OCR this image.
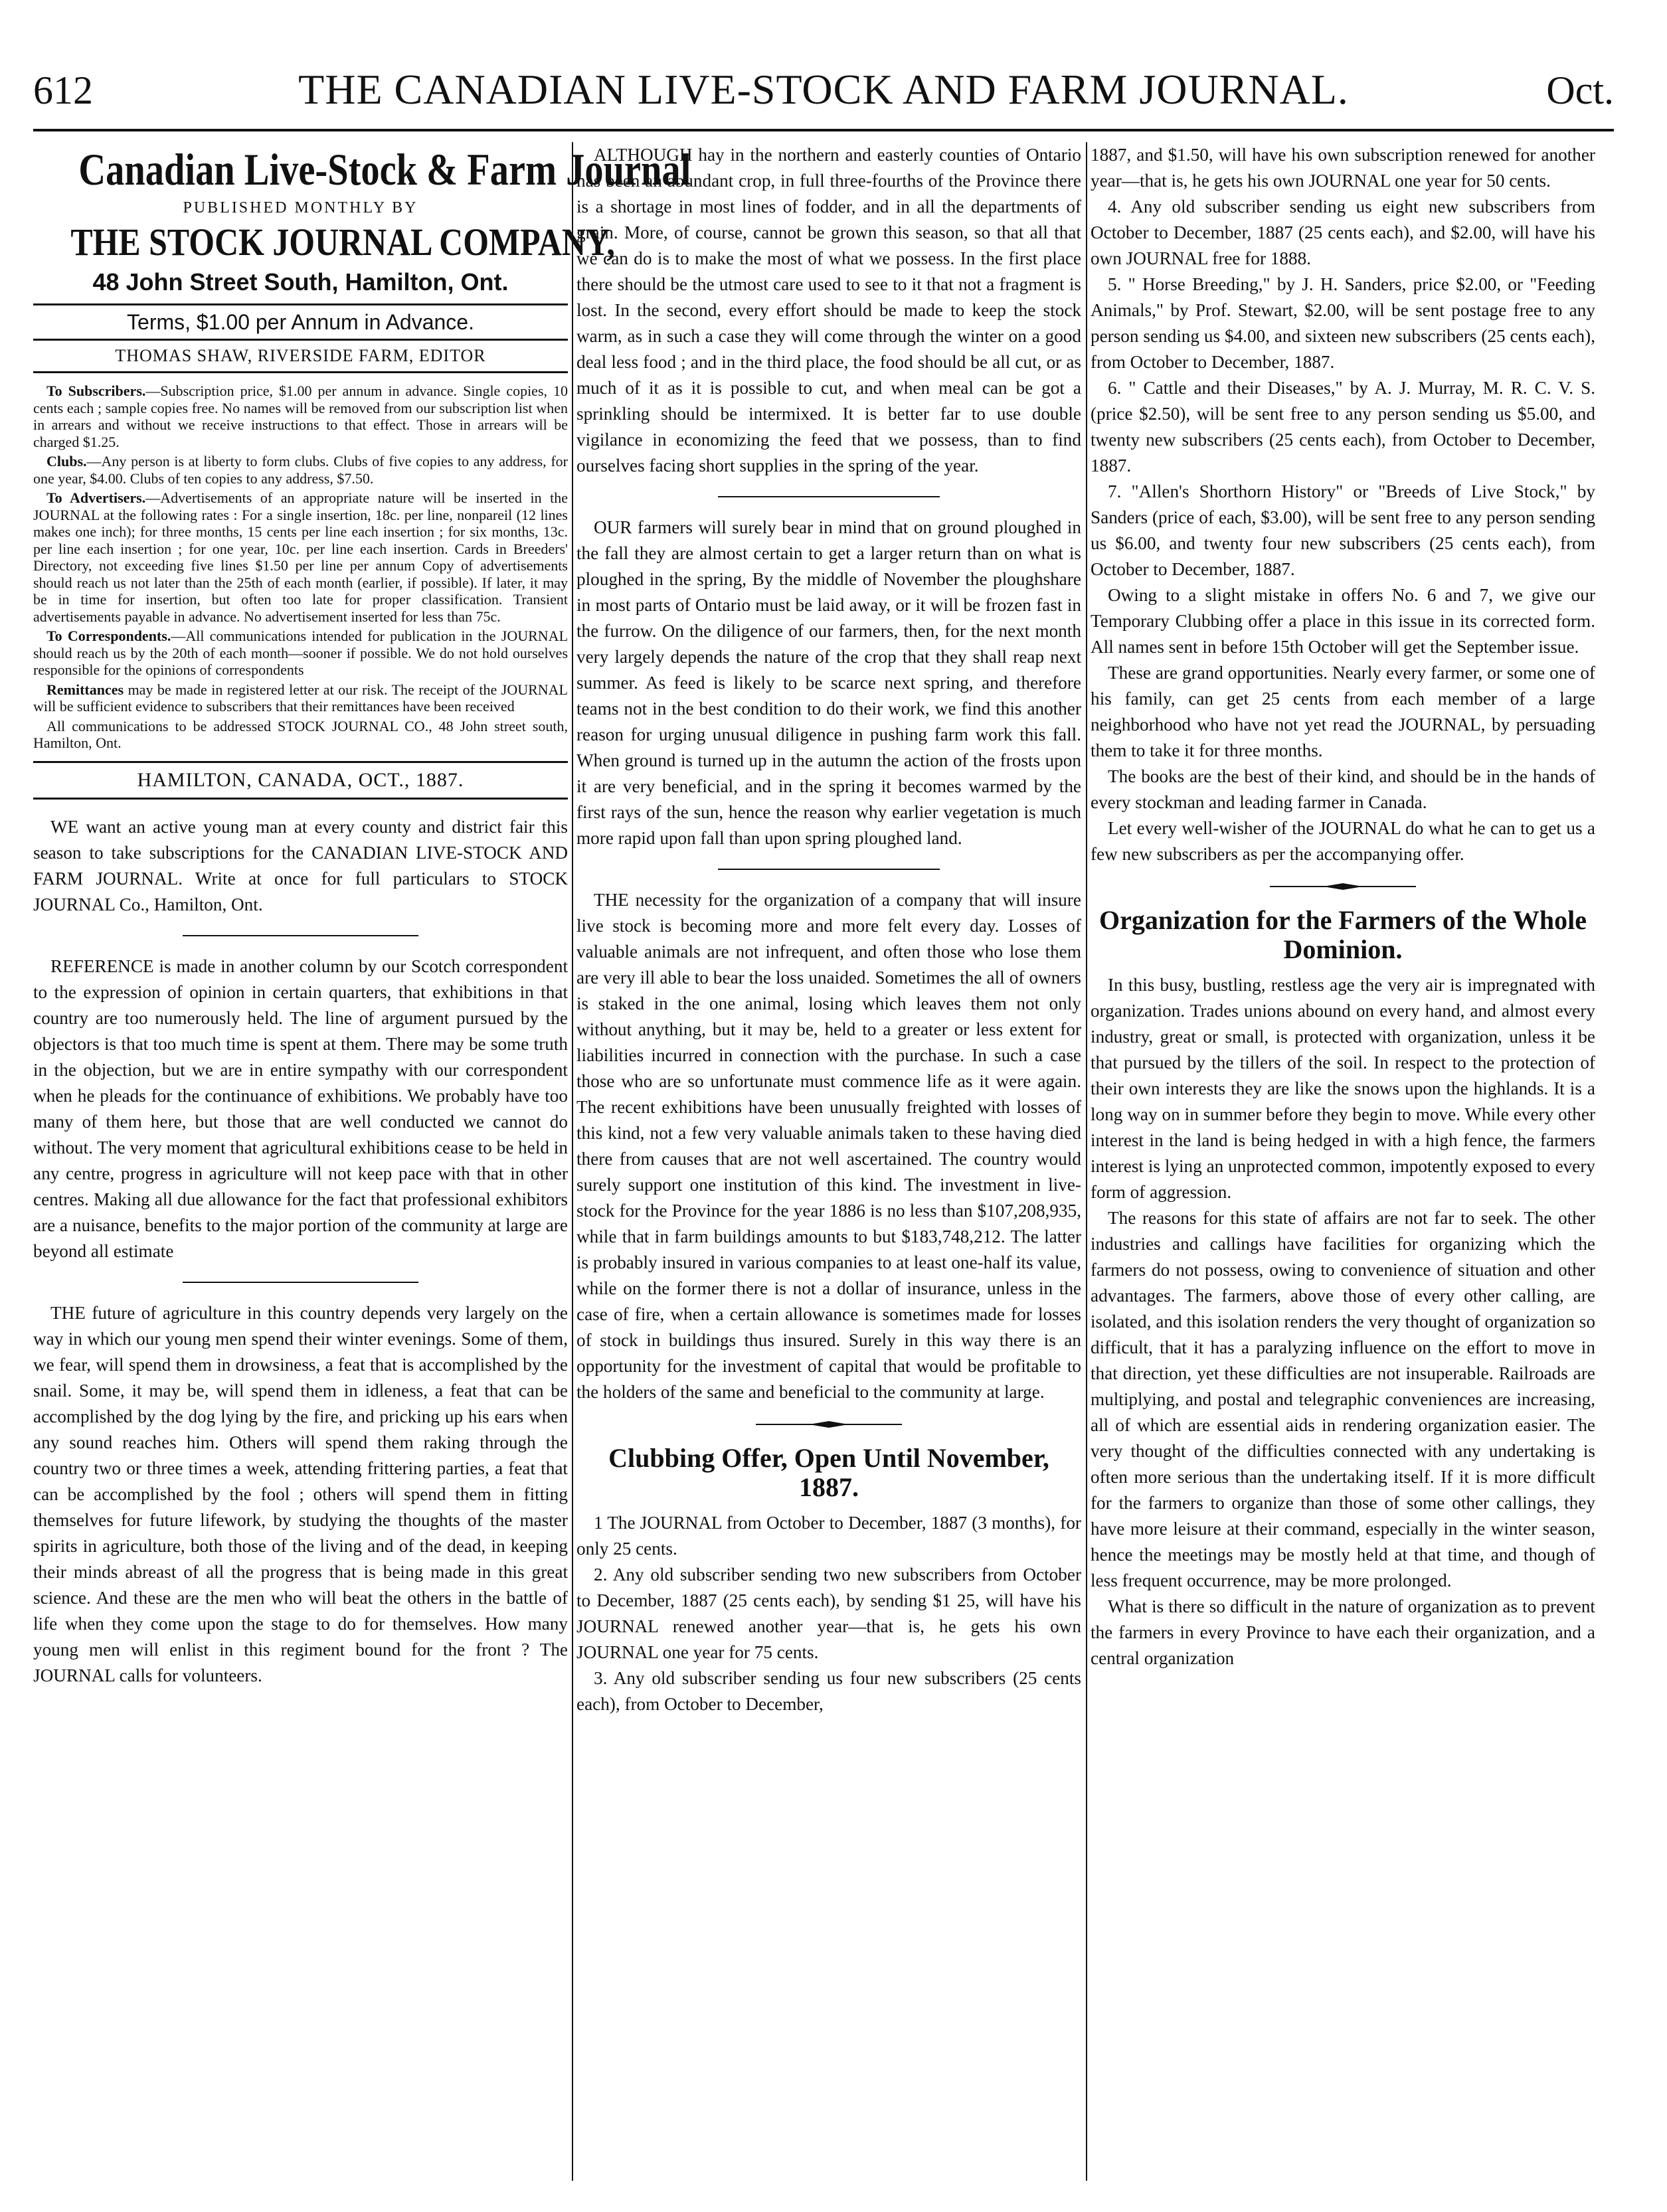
612	THE CANADIAN LIVE-STOCK AND FARM JOURNAL.	Oct.
Canadian Live-Stock & Farm Journal
PUBLISHED MONTHLY BY
THE STOCK JOURNAL COMPANY,
48 John Street South, Hamilton, Ont.
Terms, $1.00 per Annum in Advance.
THOMAS SHAW, RIVERSIDE FARM, EDITOR

To Subscribers.—Subscription price, $1.00 per annum in advance. Single copies, 10 cents each ; sample copies free. No names will be removed from our subscription list when in arrears and without we receive instructions to that effect. Those in arrears will be charged $1.25.

Clubs.—Any person is at liberty to form clubs. Clubs of five copies to any address, for one year, $4.00. Clubs of ten copies to any address, $7.50.

To Advertisers.—Advertisements of an appropriate nature will be inserted in the JOURNAL at the following rates : For a single insertion, 18c. per line, nonpareil (12 lines makes one inch); for three months, 15 cents per line each insertion ; for six months, 13c. per line each insertion ; for one year, 10c. per line each insertion. Cards in Breeders' Directory, not exceeding five lines $1.50 per line per annum Copy of advertisements should reach us not later than the 25th of each month (earlier, if possible). If later, it may be in time for insertion, but often too late for proper classification. Transient advertisements payable in advance. No advertisement inserted for less than 75c.

To Correspondents.—All communications intended for publication in the JOURNAL should reach us by the 20th of each month—sooner if possible. We do not hold ourselves responsible for the opinions of correspondents

Remittances may be made in registered letter at our risk. The receipt of the JOURNAL will be sufficient evidence to subscribers that their remittances have been received

All communications to be addressed STOCK JOURNAL CO., 48 John street south, Hamilton, Ont.

HAMILTON, CANADA, OCT., 1887.

WE want an active young man at every county and district fair this season to take subscriptions for the CANADIAN LIVE-STOCK AND FARM JOURNAL. Write at once for full particulars to STOCK JOURNAL Co., Hamilton, Ont.

REFERENCE is made in another column by our Scotch correspondent to the expression of opinion in certain quarters, that exhibitions in that country are too numerously held. The line of argument pursued by the objectors is that too much time is spent at them. There may be some truth in the objection, but we are in entire sympathy with our correspondent when he pleads for the continuance of exhibitions. We probably have too many of them here, but those that are well conducted we cannot do without. The very moment that agricultural exhibitions cease to be held in any centre, progress in agriculture will not keep pace with that in other centres. Making all due allowance for the fact that professional exhibitors are a nuisance, benefits to the major portion of the community at large are beyond all estimate

THE future of agriculture in this country depends very largely on the way in which our young men spend their winter evenings. Some of them, we fear, will spend them in drowsiness, a feat that is accomplished by the snail. Some, it may be, will spend them in idleness, a feat that can be accomplished by the dog lying by the fire, and pricking up his ears when any sound reaches him. Others will spend them raking through the country two or three times a week, attending frittering parties, a feat that can be accomplished by the fool ; others will spend them in fitting themselves for future lifework, by studying the thoughts of the master spirits in agriculture, both those of the living and of the dead, in keeping their minds abreast of all the progress that is being made in this great science. And these are the men who will beat the others in the battle of life when they come upon the stage to do for themselves. How many young men will enlist in this regiment bound for the front ? The JOURNAL calls for volunteers.

ALTHOUGH hay in the northern and easterly counties of Ontario has been an abundant crop, in full three-fourths of the Province there is a shortage in most lines of fodder, and in all the departments of grain. More, of course, cannot be grown this season, so that all that we can do is to make the most of what we possess. In the first place there should be the utmost care used to see to it that not a fragment is lost. In the second, every effort should be made to keep the stock warm, as in such a case they will come through the winter on a good deal less food ; and in the third place, the food should be all cut, or as much of it as it is possible to cut, and when meal can be got a sprinkling should be intermixed. It is better far to use double vigilance in economizing the feed that we possess, than to find ourselves facing short supplies in the spring of the year.

OUR farmers will surely bear in mind that on ground ploughed in the fall they are almost certain to get a larger return than on what is ploughed in the spring, By the middle of November the ploughshare in most parts of Ontario must be laid away, or it will be frozen fast in the furrow. On the diligence of our farmers, then, for the next month very largely depends the nature of the crop that they shall reap next summer. As feed is likely to be scarce next spring, and therefore teams not in the best condition to do their work, we find this another reason for urging unusual diligence in pushing farm work this fall. When ground is turned up in the autumn the action of the frosts upon it are very beneficial, and in the spring it becomes warmed by the first rays of the sun, hence the reason why earlier vegetation is much more rapid upon fall than upon spring ploughed land.

THE necessity for the organization of a company that will insure live stock is becoming more and more felt every day. Losses of valuable animals are not infrequent, and often those who lose them are very ill able to bear the loss unaided. Sometimes the all of owners is staked in the one animal, losing which leaves them not only without anything, but it may be, held to a greater or less extent for liabilities incurred in connection with the purchase. In such a case those who are so unfortunate must commence life as it were again. The recent exhibitions have been unusually freighted with losses of this kind, not a few very valuable animals taken to these having died there from causes that are not well ascertained. The country would surely support one institution of this kind. The investment in live-stock for the Province for the year 1886 is no less than $107,208,935, while that in farm buildings amounts to but $183,748,212. The latter is probably insured in various companies to at least one-half its value, while on the former there is not a dollar of insurance, unless in the case of fire, when a certain allowance is sometimes made for losses of stock in buildings thus insured. Surely in this way there is an opportunity for the investment of capital that would be profitable to the holders of the same and beneficial to the community at large.

Clubbing Offer, Open Until November, 1887.

1 The JOURNAL from October to December, 1887 (3 months), for only 25 cents.

2. Any old subscriber sending two new subscribers from October to December, 1887 (25 cents each), by sending $1 25, will have his JOURNAL renewed another year—that is, he gets his own JOURNAL one year for 75 cents.

3. Any old subscriber sending us four new subscribers (25 cents each), from October to December,

1887, and $1.50, will have his own subscription renewed for another year—that is, he gets his own JOURNAL one year for 50 cents.

4. Any old subscriber sending us eight new subscribers from October to December, 1887 (25 cents each), and $2.00, will have his own JOURNAL free for 1888.

5. " Horse Breeding," by J. H. Sanders, price $2.00, or "Feeding Animals," by Prof. Stewart, $2.00, will be sent postage free to any person sending us $4.00, and sixteen new subscribers (25 cents each), from October to December, 1887.

6. " Cattle and their Diseases," by A. J. Murray, M. R. C. V. S. (price $2.50), will be sent free to any person sending us $5.00, and twenty new subscribers (25 cents each), from October to December, 1887.

7. "Allen's Shorthorn History" or "Breeds of Live Stock," by Sanders (price of each, $3.00), will be sent free to any person sending us $6.00, and twenty four new subscribers (25 cents each), from October to December, 1887.

Owing to a slight mistake in offers No. 6 and 7, we give our Temporary Clubbing offer a place in this issue in its corrected form. All names sent in before 15th October will get the September issue.

These are grand opportunities. Nearly every farmer, or some one of his family, can get 25 cents from each member of a large neighborhood who have not yet read the JOURNAL, by persuading them to take it for three months.

The books are the best of their kind, and should be in the hands of every stockman and leading farmer in Canada.

Let every well-wisher of the JOURNAL do what he can to get us a few new subscribers as per the accompanying offer.

Organization for the Farmers of the Whole Dominion.

In this busy, bustling, restless age the very air is impregnated with organization. Trades unions abound on every hand, and almost every industry, great or small, is protected with organization, unless it be that pursued by the tillers of the soil. In respect to the protection of their own interests they are like the snows upon the highlands. It is a long way on in summer before they begin to move. While every other interest in the land is being hedged in with a high fence, the farmers interest is lying an unprotected common, impotently exposed to every form of aggression.

The reasons for this state of affairs are not far to seek. The other industries and callings have facilities for organizing which the farmers do not possess, owing to convenience of situation and other advantages. The farmers, above those of every other calling, are isolated, and this isolation renders the very thought of organization so difficult, that it has a paralyzing influence on the effort to move in that direction, yet these difficulties are not insuperable. Railroads are multiplying, and postal and telegraphic conveniences are increasing, all of which are essential aids in rendering organization easier. The very thought of the difficulties connected with any undertaking is often more serious than the undertaking itself. If it is more difficult for the farmers to organize than those of some other callings, they have more leisure at their command, especially in the winter season, hence the meetings may be mostly held at that time, and though of less frequent occurrence, may be more prolonged.

What is there so difficult in the nature of organization as to prevent the farmers in every Province to have each their organization, and a central organization
